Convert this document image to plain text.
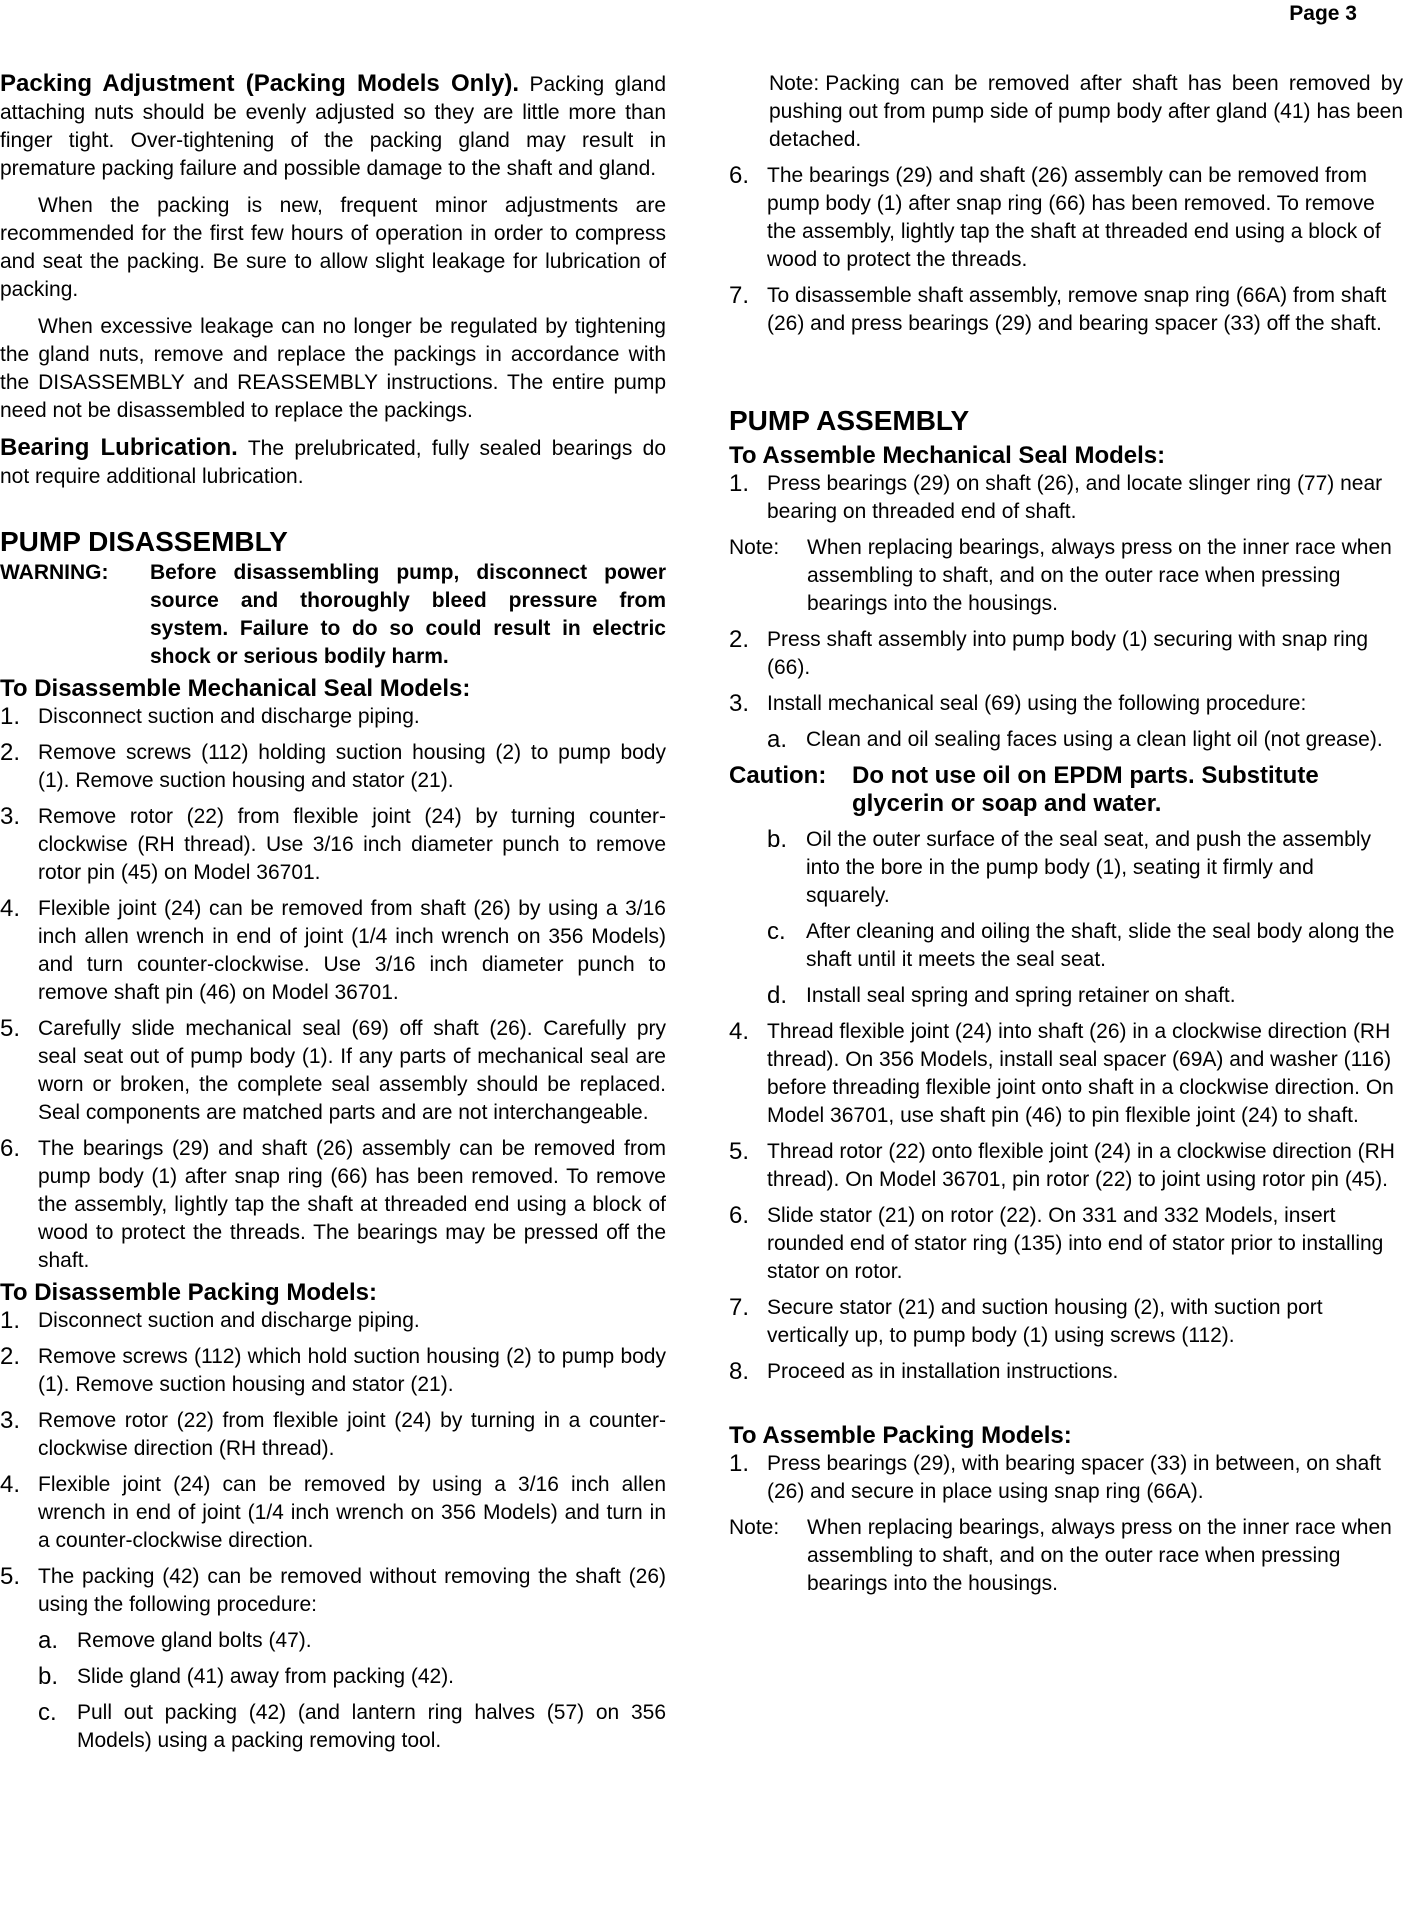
Page 3

Packing Adjustment (Packing Models Only). Packing gland attaching nuts should be evenly adjusted so they are little more than finger tight. Over-tightening of the packing gland may result in premature packing failure and possible damage to the shaft and gland.

When the packing is new, frequent minor adjustments are recommended for the first few hours of operation in order to compress and seat the packing. Be sure to allow slight leakage for lubrication of packing.

When excessive leakage can no longer be regulated by tightening the gland nuts, remove and replace the packings in accordance with the DISASSEMBLY and REASSEMBLY instructions. The entire pump need not be disassembled to replace the packings.

Bearing Lubrication. The prelubricated, fully sealed bearings do not require additional lubrication.

PUMP DISASSEMBLY
WARNING: Before disassembling pump, disconnect power source and thoroughly bleed pressure from system. Failure to do so could result in electric shock or serious bodily harm.
To Disassemble Mechanical Seal Models:
1. Disconnect suction and discharge piping.
2. Remove screws (112) holding suction housing (2) to pump body (1). Remove suction housing and stator (21).
3. Remove rotor (22) from flexible joint (24) by turning counter-clockwise (RH thread). Use 3/16 inch diameter punch to remove rotor pin (45) on Model 36701.
4. Flexible joint (24) can be removed from shaft (26) by using a 3/16 inch allen wrench in end of joint (1/4 inch wrench on 356 Models) and turn counter-clockwise. Use 3/16 inch diameter punch to remove shaft pin (46) on Model 36701.
5. Carefully slide mechanical seal (69) off shaft (26). Carefully pry seal seat out of pump body (1). If any parts of mechanical seal are worn or broken, the complete seal assembly should be replaced. Seal components are matched parts and are not interchangeable.
6. The bearings (29) and shaft (26) assembly can be removed from pump body (1) after snap ring (66) has been removed. To remove the assembly, lightly tap the shaft at threaded end using a block of wood to protect the threads. The bearings may be pressed off the shaft.
To Disassemble Packing Models:
1. Disconnect suction and discharge piping.
2. Remove screws (112) which hold suction housing (2) to pump body (1). Remove suction housing and stator (21).
3. Remove rotor (22) from flexible joint (24) by turning in a counter-clockwise direction (RH thread).
4. Flexible joint (24) can be removed by using a 3/16 inch allen wrench in end of joint (1/4 inch wrench on 356 Models) and turn in a counter-clockwise direction.
5. The packing (42) can be removed without removing the shaft (26) using the following procedure:
a. Remove gland bolts (47).
b. Slide gland (41) away from packing (42).
c. Pull out packing (42) (and lantern ring halves (57) on 356 Models) using a packing removing tool.
Note: Packing can be removed after shaft has been removed by pushing out from pump side of pump body after gland (41) has been detached.
6. The bearings (29) and shaft (26) assembly can be removed from pump body (1) after snap ring (66) has been removed. To remove the assembly, lightly tap the shaft at threaded end using a block of wood to protect the threads.
7. To disassemble shaft assembly, remove snap ring (66A) from shaft (26) and press bearings (29) and bearing spacer (33) off the shaft.
PUMP ASSEMBLY
To Assemble Mechanical Seal Models:
1. Press bearings (29) on shaft (26), and locate slinger ring (77) near bearing on threaded end of shaft.
Note: When replacing bearings, always press on the inner race when assembling to shaft, and on the outer race when pressing bearings into the housings.
2. Press shaft assembly into pump body (1) securing with snap ring (66).
3. Install mechanical seal (69) using the following procedure:
a. Clean and oil sealing faces using a clean light oil (not grease).
Caution: Do not use oil on EPDM parts. Substitute glycerin or soap and water.
b. Oil the outer surface of the seal seat, and push the assembly into the bore in the pump body (1), seating it firmly and squarely.
c. After cleaning and oiling the shaft, slide the seal body along the shaft until it meets the seal seat.
d. Install seal spring and spring retainer on shaft.
4. Thread flexible joint (24) into shaft (26) in a clockwise direction (RH thread). On 356 Models, install seal spacer (69A) and washer (116) before threading flexible joint onto shaft in a clockwise direction. On Model 36701, use shaft pin (46) to pin flexible joint (24) to shaft.
5. Thread rotor (22) onto flexible joint (24) in a clockwise direction (RH thread). On Model 36701, pin rotor (22) to joint using rotor pin (45).
6. Slide stator (21) on rotor (22). On 331 and 332 Models, insert rounded end of stator ring (135) into end of stator prior to installing stator on rotor.
7. Secure stator (21) and suction housing (2), with suction port vertically up, to pump body (1) using screws (112).
8. Proceed as in installation instructions.
To Assemble Packing Models:
1. Press bearings (29), with bearing spacer (33) in between, on shaft (26) and secure in place using snap ring (66A).
Note: When replacing bearings, always press on the inner race when assembling to shaft, and on the outer race when pressing bearings into the housings.
